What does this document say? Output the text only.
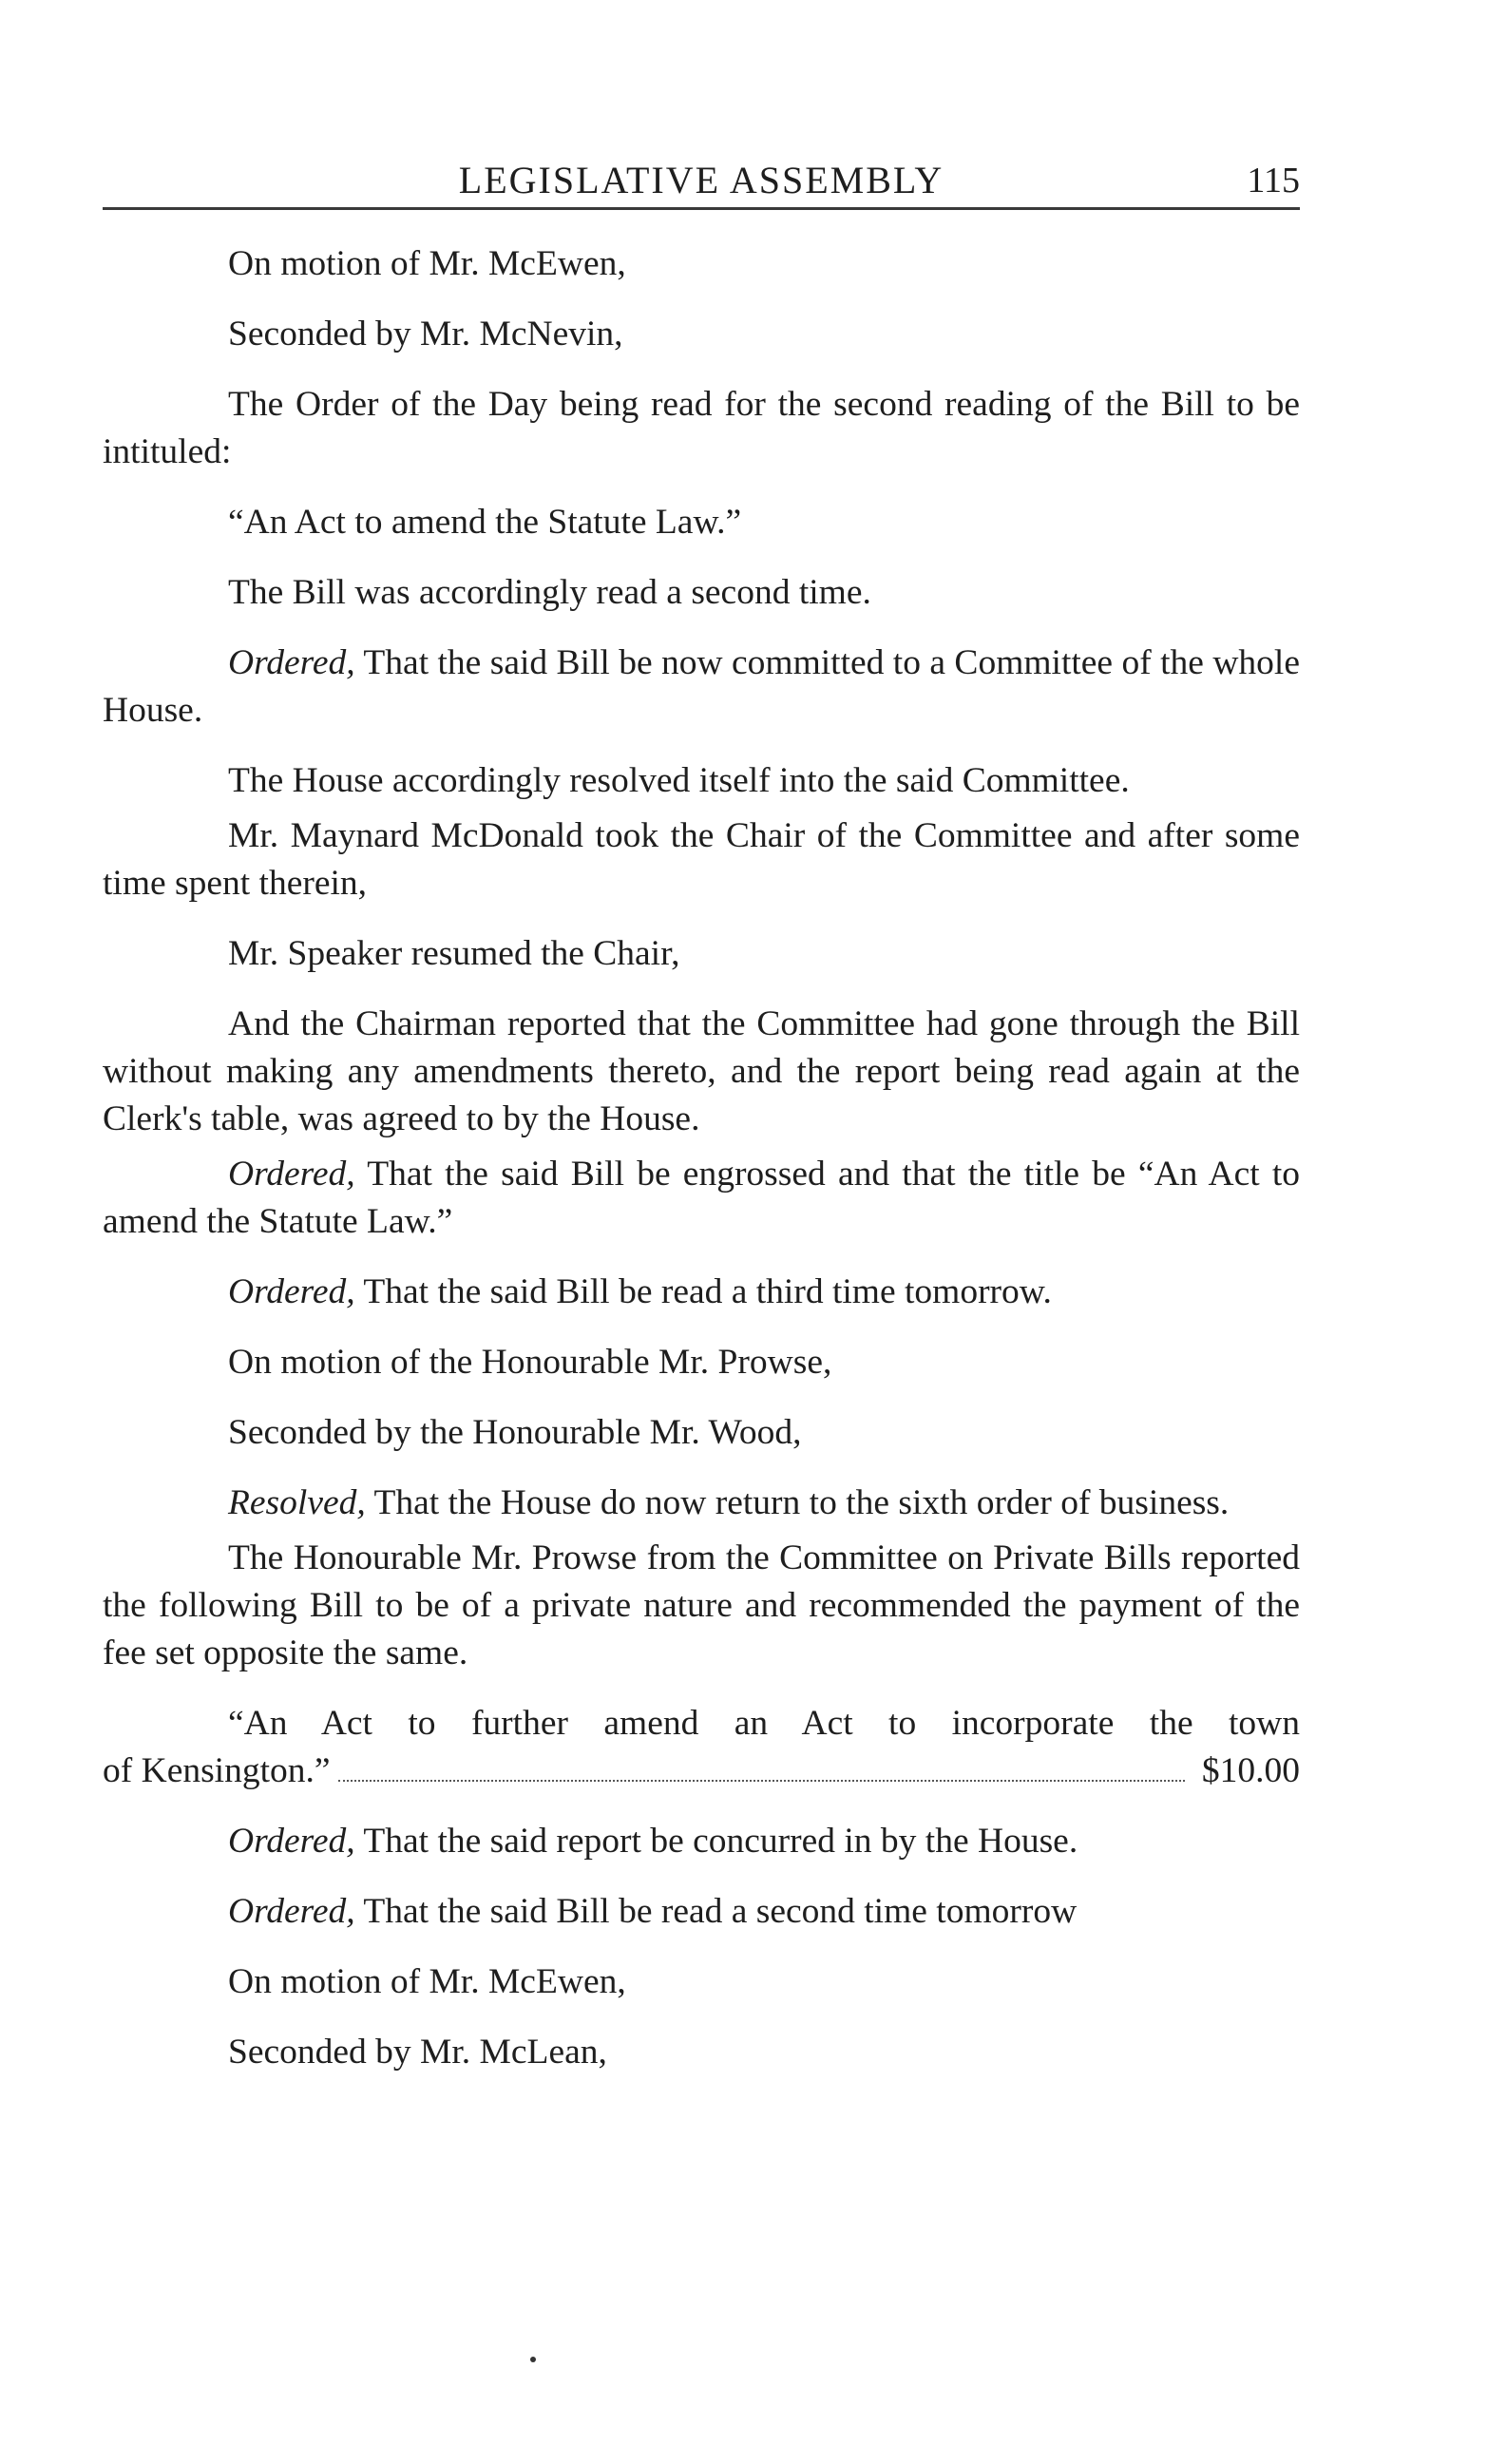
LEGISLATIVE ASSEMBLY	115

On motion of Mr. McEwen,

Seconded by Mr. McNevin,

The Order of the Day being read for the second reading of the Bill to be intituled:

“An Act to amend the Statute Law.”

The Bill was accordingly read a second time.

Ordered, That the said Bill be now committed to a Committee of the whole House.

The House accordingly resolved itself into the said Committee.

Mr. Maynard McDonald took the Chair of the Committee and after some time spent therein,

Mr. Speaker resumed the Chair,

And the Chairman reported that the Committee had gone through the Bill without making any amendments thereto, and the report being read again at the Clerk's table, was agreed to by the House.

Ordered, That the said Bill be engrossed and that the title be “An Act to amend the Statute Law.”

Ordered, That the said Bill be read a third time tomorrow.

On motion of the Honourable Mr. Prowse,

Seconded by the Honourable Mr. Wood,

Resolved, That the House do now return to the sixth order of business.

The Honourable Mr. Prowse from the Committee on Private Bills reported the following Bill to be of a private nature and recommended the payment of the fee set opposite the same.

“An Act to further amend an Act to incorporate the town

of Kensington.”	$10.00

Ordered, That the said report be concurred in by the House.

Ordered, That the said Bill be read a second time tomorrow

On motion of Mr. McEwen,

Seconded by Mr. McLean,
